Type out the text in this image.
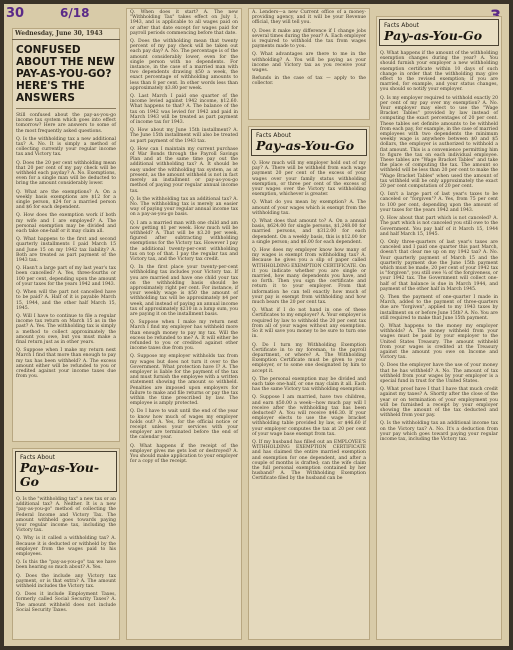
30	6/18
Wednesday, June 30, 1943
CONFUSED ABOUT THE NEW PAY-AS-YOU-GO? HERE'S THE ANSWERS

Still confused about the pay-as-you-go income tax system which goes into effect tomorrow? Here are answers to some of the most frequently asked questions.

Q. Is the withholding tax a new additional tax? A. No. It is simply a method of collecting currently your regular income tax and Victory tax.

Q. Does the 20 per cent withholding mean that 20 per cent of my pay check will be withheld each payday? A. No. Exemptions, even for a single man will be deducted to bring the amount considerably lower.

Q. What are the exemptions? A. On a weekly basis exemptions are $12 for a single person, $24 for a married person and $6 for each dependent.

Q. How does the exemption work if both my wife and I are employed? A. The personal exemption may be divided and each take one-half or it may claim all.

Q. What happens to the first and second quarterly installments I paid March 15 and June 15 on my 1942 tax liability? A. Both are treated as part payment of the 1943 tax.

Q. Hasn't a large part of my last year's tax been cancelled? A. Yes, three-fourths or 100 per cent, depending upon the amount of your taxes for the years 1942 and 1943.

Q. When will the part not cancelled have to be paid? A. Half of it is payable March 15, 1944, and the other half March 15, 1945.

Q. Will I have to continue to file a regular income tax return on March 15 as in the past? A. Yes. The withholding tax is simply a method to collect approximately the amount you owe, but you must make a final return just as in other years.

Q. Suppose when I make my return next March I find that more than enough to pay my tax has been withheld? A. The excess amount either will be refunded to you or credited against your income taxes due from you.

Facts About
Pay-as-You-Go

Q. Is the "withholding tax" a new tax or an additional tax? A. Neither. It is a new "pay-as-you-go" method of collecting the Federal Income and Victory Tax. The amount withheld goes towards paying your regular income tax, including the Victory tax.

Q. Why is it called a withholding tax? A. Because it is deducted or withheld by the employer from the wages paid to his employees.

Q. Is this the "pay-as-you-go" tax we have been hearing so much about? A. Yes.

Q. Does the include any Victory tax payment, or is that extra? A. The amount withheld includes the Victory tax.

Q. Does it include Employment Taxes, formerly called Social Security Taxes? A. The amount withheld does not include Social Security Taxes.

Q. When does it start? A. The new "Withholding Tax" takes effect on July 1, 1943, and is applicable to all wages paid on or after that date except for wages paid for payroll periods commencing before that date.

Q. Does the withholding mean that twenty percent of my pay check will be taken out each pay day? A. No. The percentage is of the amount considerably lower, even for the single person with no dependents. For instance, in the case of a married man with two dependents drawing $50 a week, the exact percentage of withholding amounts to less than 8 per cent. In other words less than approximately $3.80 per week.

Q. Last March I paid one quarter of the income levied against 1942 income, $12.60. What happens to that? A. The balance of the tax on 1942 was levied for 1942 and paid in March 1943 will be treated as part payment of income tax for 1943.

Q. How about my June 15th installment? A. The June 15th installment will also be treated as part payment of the 1943 tax.

Q. How can I maintain my current purchase of War Bonds through the Payroll Savings Plan and at the same time pay out the additional withholding tax? A. It should be easy under the withholding tax system, as at present, as the amount withheld is not in fact merely an installment or pay-as-you-go method of paying your regular annual income tax.

Q. Is the withholding tax an additional tax? A. No. The withholding tax is merely an easier way of paying your regular annual income tax on a pay-as-you-go basis.

Q. I am a married man with one child and am now getting $1 per week. How much will be withheld? A. That will be $3.20 per week, figured after subtracting withholding exemptions for the Victory tax. However I pay the additional twenty-per-cent withholding tax on top of that. I pay the regular tax and Victory tax, and the Victory tax credit.

Q. In the first place your twenty-per-cent withholding tax includes your Victory tax. If you are married and have one child your tax on the withholding basis should be approximately right per cent. For instance, if your weekly wage is $50 the amount of withholding tax will be approximately $4 per week, and instead of paying an annual income tax of approximately $210 in a lump sum, you are paying it on the installment basis.

Q. Suppose when I make my return next March I find my employer has withheld more than enough money to pay my tax. Will the excess be refunded to me? A. It will either be refunded to you or credited against other income taxes due from you.

Q. Suppose my employer withholds tax from my wages but does not turn it over to the Government. What protection have I? A. The employer is liable for the payment of the tax and must furnish the employee with a written statement showing the amount so withheld. Penalties are imposed upon employers for failure to make and file returns or pay the tax within the time prescribed by law. The employee is amply protected.

Q. Do I have to wait until the end of the year to know how much of wages my employer holds out? A. Yes, for the official notice or receipt unless your services with your employer are terminated before the end of the calendar year.

Q. What happens if the receipt of the employer gives me gets lost or destroyed? A. You should make application to your employer for a copy of the receipt.

A. Lenders—a new Current office of a money-providing agency, and it will be your Revenue official, they will tell you.

Q. Does it make any difference if I change jobs several times during the year? A. Each employer is required to withhold the tax from wages payments made to you.

Q. What advantages are there to me in the withholding? A. You will be paying as your income and Victory tax as you receive your wages.

Refunds in the case of tax — apply to the collector.

Facts About
Pay-as-You-Go

Q. How much will my employer hold out of my pay? A. There will be withheld from each wage payment 20 per cent of the excess of your wages over your family status withholding exemption, or three per cent of the excess of your wages over the Victory tax withholding exemption, whichever is greater.

Q. What do you mean by exemption? A. The amount of your wages which is exempt from the withholding tax.

Q. What does that amount to? A. On a annual basis, $624.00 for single persons, $1,248.00 for married persons, and $312.00 for each dependent. On a weekly basis, this is $12.00 for a single person; and $6.00 for each dependent.

Q. How does my employer know how many of my wages is exempt from withholding tax? A. Because he gives you a slip of paper called WITHHOLDING EXEMPTION CERTIFICATE. On it you indicate whether you are single or married, how many dependents you have, and so forth. Then you sign the certificate and return it to your employer. From that information he can tell exactly how much of your pay is exempt from withholding and how much bears the 20 per cent tax.

Q. What if I do not hand in one of these Certificates to my employer? A. Your employer is required by law to withhold the 20 per cent tax from all of your wages without any exemption. So it will save you money to be sure to turn one in.

Q. Do I turn my Withholding Exemption Certificate in to my foreman, to the payroll department, or where? A. The Withholding Exemption Certificate must be given to your employer, or to some one designated by him to accept it.

Q. The personal exemption may be divided and each take one-half, or one may claim it all. Each has the same Victory tax withholding exemption.

Q. Suppose I am married, have two children, and earn $50.00 a week—how much pay will I receive after the withholding tax has been deducted? A. You will receive $46.30. If your employer elects to use the wage bracket withholding table provided by law, or $46.60 if your employer computes the tax at 20 per cent of your wage base exempt from tax.

Q. If my husband has filled out an EMPLOYEE'S WITHHOLDING EXEMPTION CERTIFICATE and has claimed the entire married exemption and exemption for one dependent, and after a couple of months is drafted; can the wife claim the full personal exemption contained by her husband? A. The Withholding Exemption Certificate filed by the husband can be

Facts About
Pay-as-You-Go

Q. What happens if the amount of the withholding exemption changes during the year? A. You should furnish your employer a new withholding exemption certificate within 10 days of such change in order that the withholding may give effect to the revised exemption; if you are married, for example, and your status changes, you should so notify your employer.

Q. Is my employer required to withhold exactly 20 per cent of my pay over my exemption? A. No. Your employer may elect to use the "Wage Bracket Tables" provided by law instead of computing the exact percentages of 20 per cent. These tables set definite amounts to be withheld from each pay, for example, in the case of married employees with two dependents the minimum weekly wage is anywhere between $0 and $5 dollars, the employer is authorized to withhold a flat amount. This is a convenience permitting him to figure the tax on each individual employee. These tables are "Wage Bracket Tables" and take the place of computing the tax. The amount so withheld will be less than 20 per cent to make the "Wage Bracket Tables" when used the amount of tax withheld will be only approximately the exact 20 per cent computation of 20 per cent.

Q. Isn't a large part of last year's taxes to be canceled or "forgiven"? A. Yes, from 75 per cent to 100 per cent, depending upon the amount of your taxes for the years 1942 and 1943.

Q. How about that part which is not canceled? A. The part which is not canceled you still owe to the Government. You pay half of it March 15, 1944 and half March 15, 1945.

Q. Only three-quarters of last year's taxes are canceled and I paid one quarter this past March, doesn't that clear me up on my 1942 tax? A. No. Your quarterly payment of March 15 and the quarterly payment due the June 15th payment which must be made, 20 per cent of your 1942 tax is "forgiven", you still owe ¼ of the forgiveness, or your 1942 tax. The Government will collect one-half of that balance is due in March 1944, and payment of the other half in March 1945.

Q. Then the payment of one-quarter I made in March, added to the payment of three-quarters due are "forgiven", applied to my 1943 taxes by installment on or before June 15th? A. No. You are still required to make that June 15th payment.

Q. What happens to the money my employer withholds? A. The money withheld from your wages must be paid by your employer to the United States Treasury. The amount withheld from your wages is credited at the Treasury against the amount you owe on Income and Victory tax.

Q. Does the employer have the use of your money that he has withheld? A. No. The amount of tax withheld from your wages by your employer is a special fund in trust for the United States.

Q. What proof have I that I have that much credit against my taxes? A. Shortly after the close of the year or on termination of your employment you will be furnished a receipt by your employer showing the amount of the tax deducted and withheld from your pay.

Q. Is the withholding tax an additional income tax on the Victory tax? A. No. It's a deduction from your pay which goes toward paying your regular income tax, including the Victory tax.
